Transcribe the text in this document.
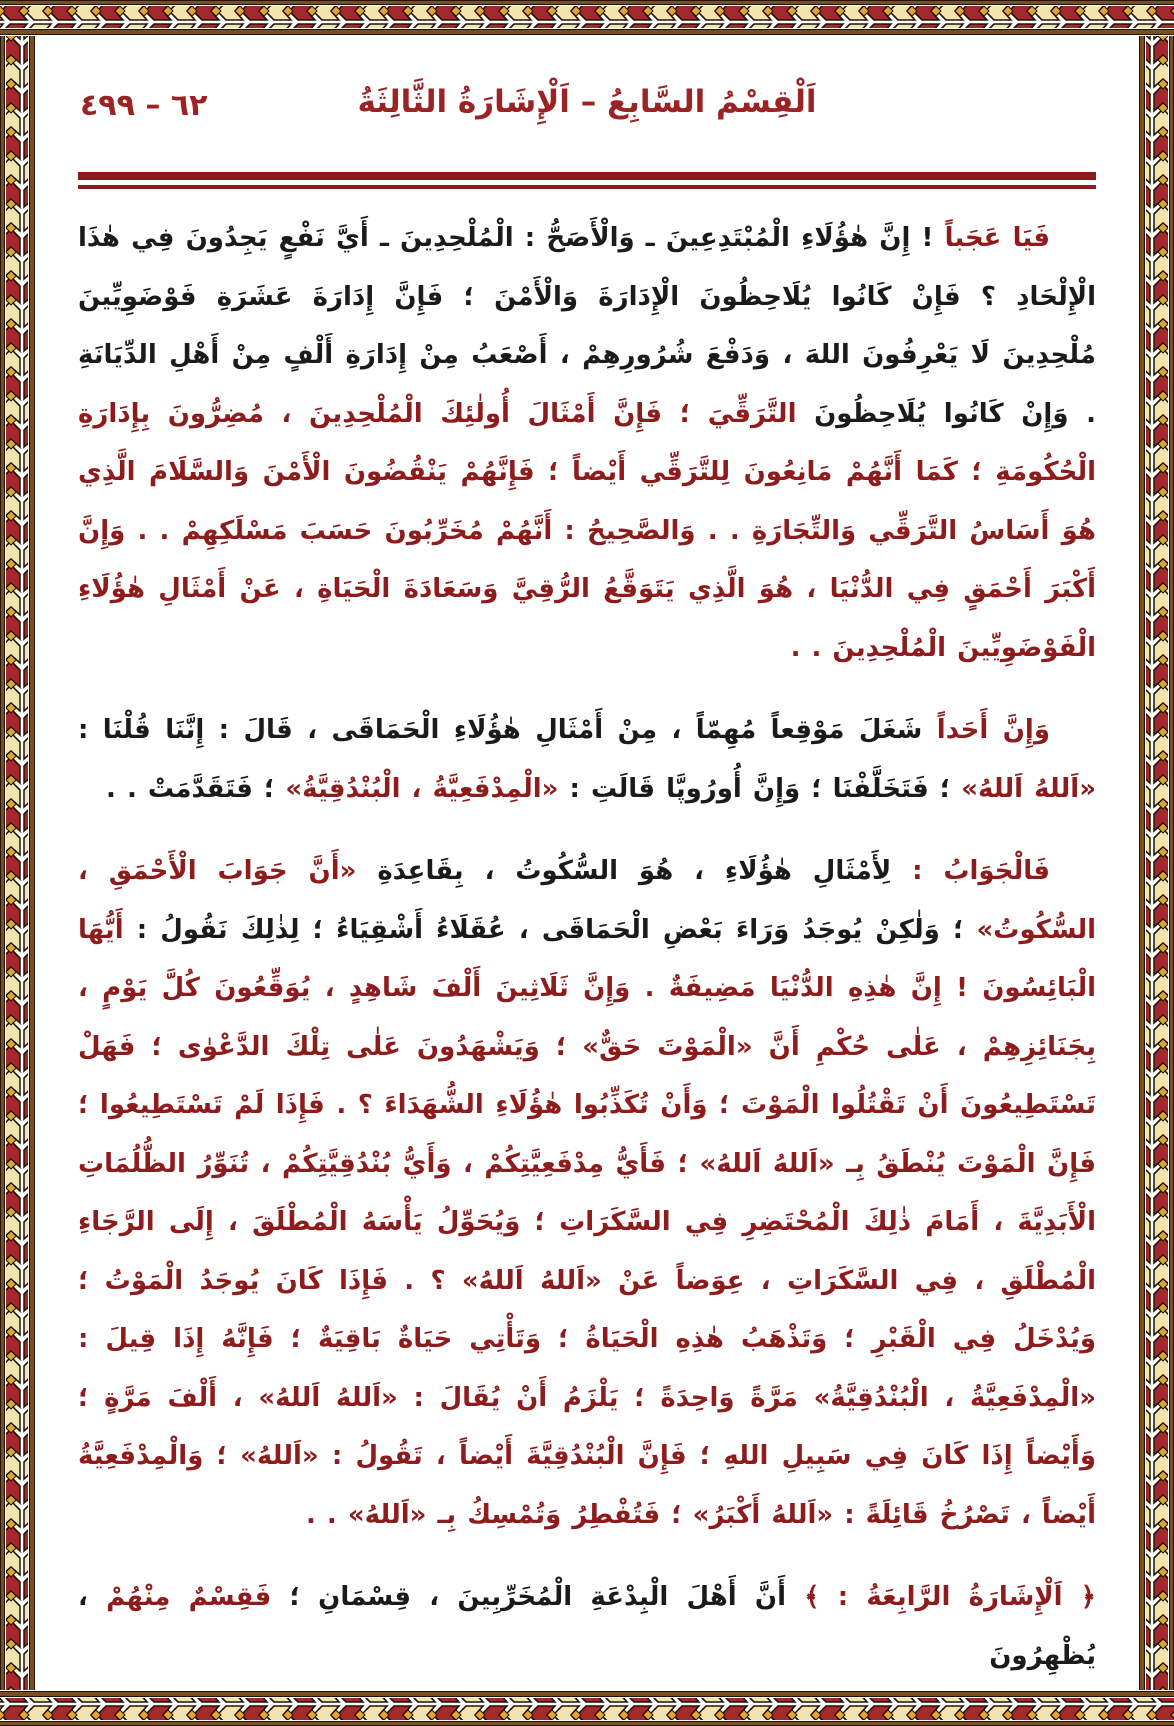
٦٢ – ٤٩٩	اَلْقِسْمُ السَّابِعُ – اَلْإِشَارَةُ الثَّالِثَةُ

فَيَا عَجَباً ! إِنَّ هٰؤُلَاءِ الْمُبْتَدِعِينَ ـ وَالْأَصَحُّ : الْمُلْحِدِينَ ـ أَيَّ نَفْعٍ يَجِدُونَ فِي هٰذَا الْإِلْحَادِ ؟ فَإِنْ كَانُوا يُلَاحِظُونَ الْإِدَارَةَ وَالْأَمْنَ ؛ فَإِنَّ إِدَارَةَ عَشَرَةِ فَوْضَوِيِّينَ مُلْحِدِينَ لَا يَعْرِفُونَ اللهَ ، وَدَفْعَ شُرُورِهِمْ ، أَصْعَبُ مِنْ إِدَارَةِ أَلْفٍ مِنْ أَهْلِ الدِّيَانَةِ . وَإِنْ كَانُوا يُلَاحِظُونَ التَّرَقِّيَ ؛ فَإِنَّ أَمْثَالَ أُولٰئِكَ الْمُلْحِدِينَ ، مُضِرُّونَ بِإِدَارَةِ الْحُكُومَةِ ؛ كَمَا أَنَّهُمْ مَانِعُونَ لِلتَّرَقِّي أَيْضاً ؛ فَإِنَّهُمْ يَنْقُضُونَ الْأَمْنَ وَالسَّلَامَ الَّذِي هُوَ أَسَاسُ التَّرَقِّي وَالتِّجَارَةِ . . وَالصَّحِيحُ : أَنَّهُمْ مُخَرِّبُونَ حَسَبَ مَسْلَكِهِمْ . . وَإِنَّ أَكْبَرَ أَحْمَقٍ فِي الدُّنْيَا ، هُوَ الَّذِي يَتَوَقَّعُ الرُّقِيَّ وَسَعَادَةَ الْحَيَاةِ ، عَنْ أَمْثَالِ هٰؤُلَاءِ الْفَوْضَوِيِّينَ الْمُلْحِدِينَ . .

وَإِنَّ أَحَداً شَغَلَ مَوْقِعاً مُهِمّاً ، مِنْ أَمْثَالِ هٰؤُلَاءِ الْحَمَاقَى ، قَالَ : إِنَّنَا قُلْنَا : «اَللهُ اَللهُ» ؛ فَتَخَلَّفْنَا ؛ وَإِنَّ أُورُوپَّا قَالَتِ : «الْمِدْفَعِيَّةُ ، الْبُنْدُقِيَّةُ» ؛ فَتَقَدَّمَتْ . .

فَالْجَوَابُ : لِأَمْثَالِ هٰؤُلَاءِ ، هُوَ السُّكُوتُ ، بِقَاعِدَةِ «أَنَّ جَوَابَ الْأَحْمَقِ ، السُّكُوتُ» ؛ وَلٰكِنْ يُوجَدُ وَرَاءَ بَعْضِ الْحَمَاقَى ، عُقَلَاءُ أَشْقِيَاءُ ؛ لِذٰلِكَ نَقُولُ : أَيُّهَا الْبَائِسُونَ ! إِنَّ هٰذِهِ الدُّنْيَا مَضِيفَةٌ . وَإِنَّ ثَلَاثِينَ أَلْفَ شَاهِدٍ ، يُوَقِّعُونَ كُلَّ يَوْمٍ ، بِجَنَائِزِهِمْ ، عَلٰى حُكْمِ أَنَّ «الْمَوْتَ حَقٌّ» ؛ وَيَشْهَدُونَ عَلٰى تِلْكَ الدَّعْوٰى ؛ فَهَلْ تَسْتَطِيعُونَ أَنْ تَقْتُلُوا الْمَوْتَ ؛ وَأَنْ تُكَذِّبُوا هٰؤُلَاءِ الشُّهَدَاءَ ؟ . فَإِذَا لَمْ تَسْتَطِيعُوا ؛ فَإِنَّ الْمَوْتَ يُنْطَقُ بِـ «اَللهُ اَللهُ» ؛ فَأَيُّ مِدْفَعِيَّتِكُمْ ، وَأَيُّ بُنْدُقِيَّتِكُمْ ، تُنَوِّرُ الظُّلُمَاتِ الْأَبَدِيَّةَ ، أَمَامَ ذٰلِكَ الْمُحْتَضِرِ فِي السَّكَرَاتِ ؛ وَيُحَوِّلُ يَأْسَهُ الْمُطْلَقَ ، إِلَى الرَّجَاءِ الْمُطْلَقِ ، فِي السَّكَرَاتِ ، عِوَضاً عَنْ «اَللهُ اَللهُ» ؟ . فَإِذَا كَانَ يُوجَدُ الْمَوْتُ ؛ وَيُدْخَلُ فِي الْقَبْرِ ؛ وَتَذْهَبُ هٰذِهِ الْحَيَاةُ ؛ وَتَأْتِي حَيَاةٌ بَاقِيَةٌ ؛ فَإِنَّهُ إِذَا قِيلَ : «الْمِدْفَعِيَّةُ ، الْبُنْدُقِيَّةُ» مَرَّةً وَاحِدَةً ؛ يَلْزَمُ أَنْ يُقَالَ : «اَللهُ اَللهُ» ، أَلْفَ مَرَّةٍ ؛ وَأَيْضاً إِذَا كَانَ فِي سَبِيلِ اللهِ ؛ فَإِنَّ الْبُنْدُقِيَّةَ أَيْضاً ، تَقُولُ : «اَللهُ» ؛ وَالْمِدْفَعِيَّةُ أَيْضاً ، تَصْرُخُ قَائِلَةً : «اَللهُ أَكْبَرُ» ؛ فَتُفْطِرُ وَتُمْسِكُ بِـ «اَللهُ» . .

﴿ اَلْإِشَارَةُ الرَّابِعَةُ : ﴾ أَنَّ أَهْلَ الْبِدْعَةِ الْمُخَرِّبِينَ ، قِسْمَانِ ؛ فَقِسْمٌ مِنْهُمْ ، يُظْهِرُونَ
